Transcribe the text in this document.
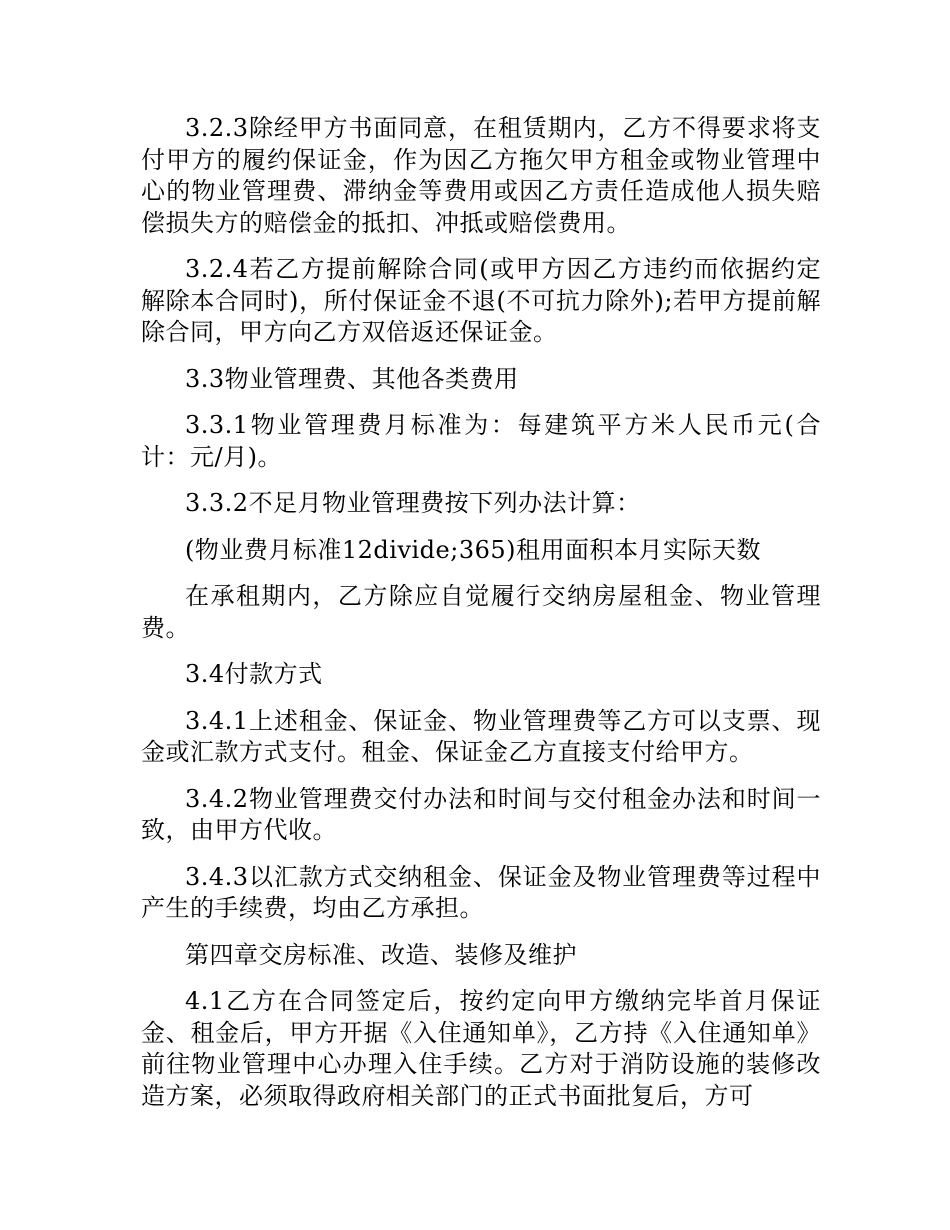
3.2.3除经甲方书面同意，在租赁期内，乙方不得要求将支付甲方的履约保证金，作为因乙方拖欠甲方租金或物业管理中心的物业管理费、滞纳金等费用或因乙方责任造成他人损失赔偿损失方的赔偿金的抵扣、冲抵或赔偿费用。

3.2.4若乙方提前解除合同(或甲方因乙方违约而依据约定解除本合同时)，所付保证金不退(不可抗力除外);若甲方提前解除合同，甲方向乙方双倍返还保证金。

3.3物业管理费、其他各类费用

3.3.1物业管理费月标准为：每建筑平方米人民币元(合计：元/月)。

3.3.2不足月物业管理费按下列办法计算：

(物业费月标准12divide;365)租用面积本月实际天数

在承租期内，乙方除应自觉履行交纳房屋租金、物业管理费。

3.4付款方式

3.4.1上述租金、保证金、物业管理费等乙方可以支票、现金或汇款方式支付。租金、保证金乙方直接支付给甲方。

3.4.2物业管理费交付办法和时间与交付租金办法和时间一致，由甲方代收。

3.4.3以汇款方式交纳租金、保证金及物业管理费等过程中产生的手续费，均由乙方承担。

第四章交房标准、改造、装修及维护

4.1乙方在合同签定后，按约定向甲方缴纳完毕首月保证金、租金后，甲方开据《入住通知单》，乙方持《入住通知单》前往物业管理中心办理入住手续。乙方对于消防设施的装修改造方案，必须取得政府相关部门的正式书面批复后，方可
